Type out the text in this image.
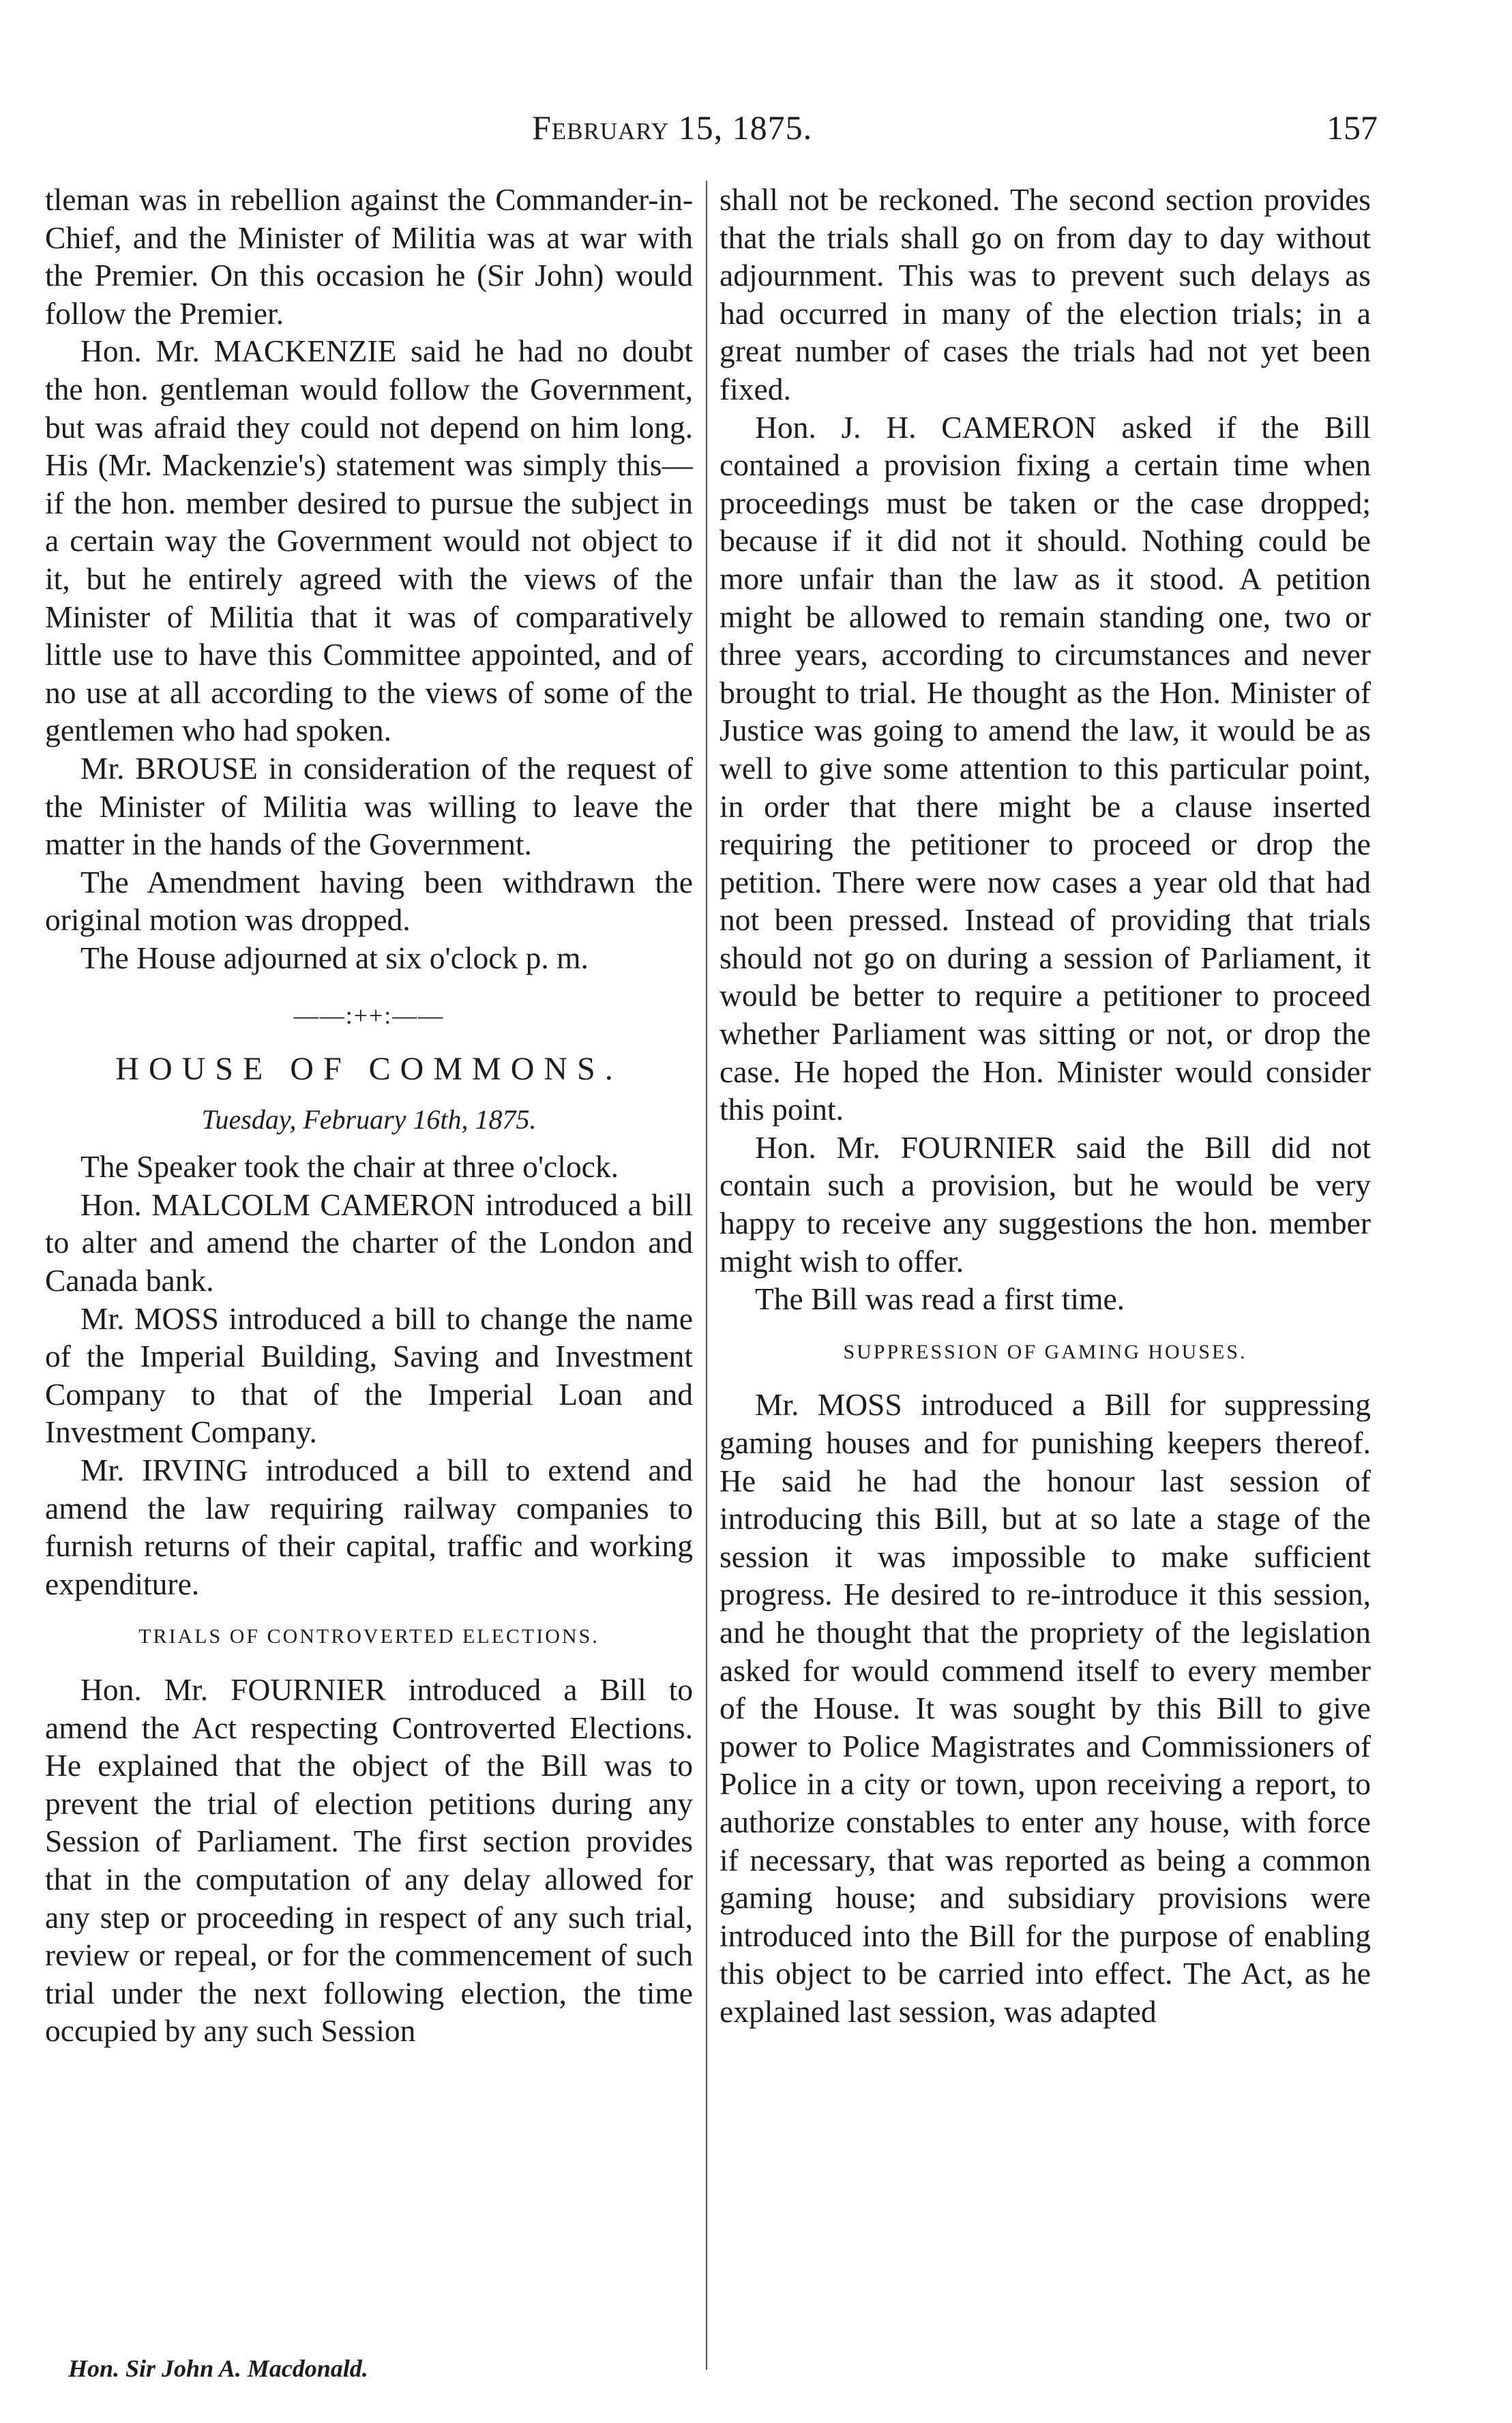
February 15, 1875.	157

tleman was in rebellion against the Commander-in-Chief, and the Minister of Militia was at war with the Premier. On this occasion he (Sir John) would follow the Premier.

Hon. Mr. MACKENZIE said he had no doubt the hon. gentleman would follow the Government, but was afraid they could not depend on him long. His (Mr. Mackenzie's) statement was simply this—if the hon. member desired to pursue the subject in a certain way the Government would not object to it, but he entirely agreed with the views of the Minister of Militia that it was of comparatively little use to have this Committee appointed, and of no use at all according to the views of some of the gentlemen who had spoken.

Mr. BROUSE in consideration of the request of the Minister of Militia was willing to leave the matter in the hands of the Government.

The Amendment having been withdrawn the original motion was dropped.

The House adjourned at six o'clock p. m.

——:++:——
HOUSE OF COMMONS.
Tuesday, February 16th, 1875.

The Speaker took the chair at three o'clock.

Hon. MALCOLM CAMERON introduced a bill to alter and amend the charter of the London and Canada bank.

Mr. MOSS introduced a bill to change the name of the Imperial Building, Saving and Investment Company to that of the Imperial Loan and Investment Company.

Mr. IRVING introduced a bill to extend and amend the law requiring railway companies to furnish returns of their capital, traffic and working expenditure.

TRIALS OF CONTROVERTED ELECTIONS.

Hon. Mr. FOURNIER introduced a Bill to amend the Act respecting Controverted Elections. He explained that the object of the Bill was to prevent the trial of election petitions during any Session of Parliament. The first section provides that in the computation of any delay allowed for any step or proceeding in respect of any such trial, review or repeal, or for the commencement of such trial under the next following election, the time occupied by any such Session

shall not be reckoned. The second section provides that the trials shall go on from day to day without adjournment. This was to prevent such delays as had occurred in many of the election trials; in a great number of cases the trials had not yet been fixed.

Hon. J. H. CAMERON asked if the Bill contained a provision fixing a certain time when proceedings must be taken or the case dropped; because if it did not it should. Nothing could be more unfair than the law as it stood. A petition might be allowed to remain standing one, two or three years, according to circumstances and never brought to trial. He thought as the Hon. Minister of Justice was going to amend the law, it would be as well to give some attention to this particular point, in order that there might be a clause inserted requiring the petitioner to proceed or drop the petition. There were now cases a year old that had not been pressed. Instead of providing that trials should not go on during a session of Parliament, it would be better to require a petitioner to proceed whether Parliament was sitting or not, or drop the case. He hoped the Hon. Minister would consider this point.

Hon. Mr. FOURNIER said the Bill did not contain such a provision, but he would be very happy to receive any suggestions the hon. member might wish to offer.

The Bill was read a first time.

SUPPRESSION OF GAMING HOUSES.

Mr. MOSS introduced a Bill for suppressing gaming houses and for punishing keepers thereof. He said he had the honour last session of introducing this Bill, but at so late a stage of the session it was impossible to make sufficient progress. He desired to re-introduce it this session, and he thought that the propriety of the legislation asked for would commend itself to every member of the House. It was sought by this Bill to give power to Police Magistrates and Commissioners of Police in a city or town, upon receiving a report, to authorize constables to enter any house, with force if necessary, that was reported as being a common gaming house; and subsidiary provisions were introduced into the Bill for the purpose of enabling this object to be carried into effect. The Act, as he explained last session, was adapted

Hon. Sir John A. Macdonald.
